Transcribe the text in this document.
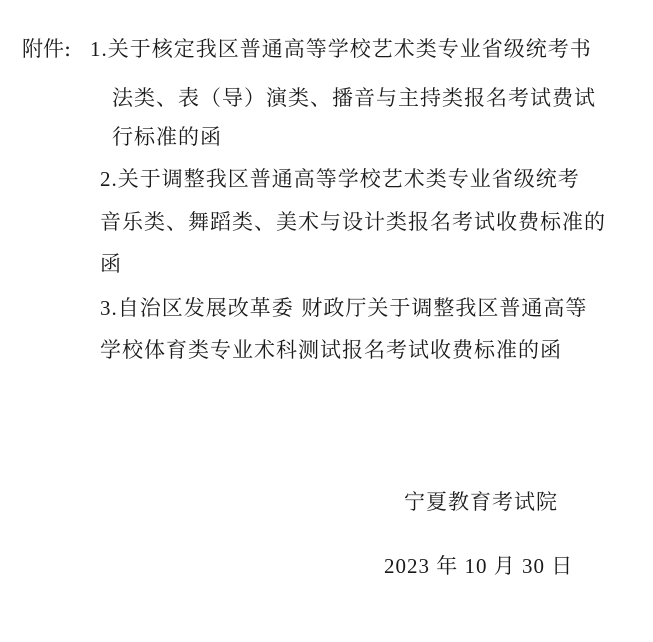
附件: 1.关于核定我区普通高等学校艺术类专业省级统考书
法类、表（导）演类、播音与主持类报名考试费试
行标准的函
2.关于调整我区普通高等学校艺术类专业省级统考
音乐类、舞蹈类、美术与设计类报名考试收费标准的
函
3.自治区发展改革委 财政厅关于调整我区普通高等
学校体育类专业术科测试报名考试收费标准的函
宁夏教育考试院
2023 年 10 月 30 日
